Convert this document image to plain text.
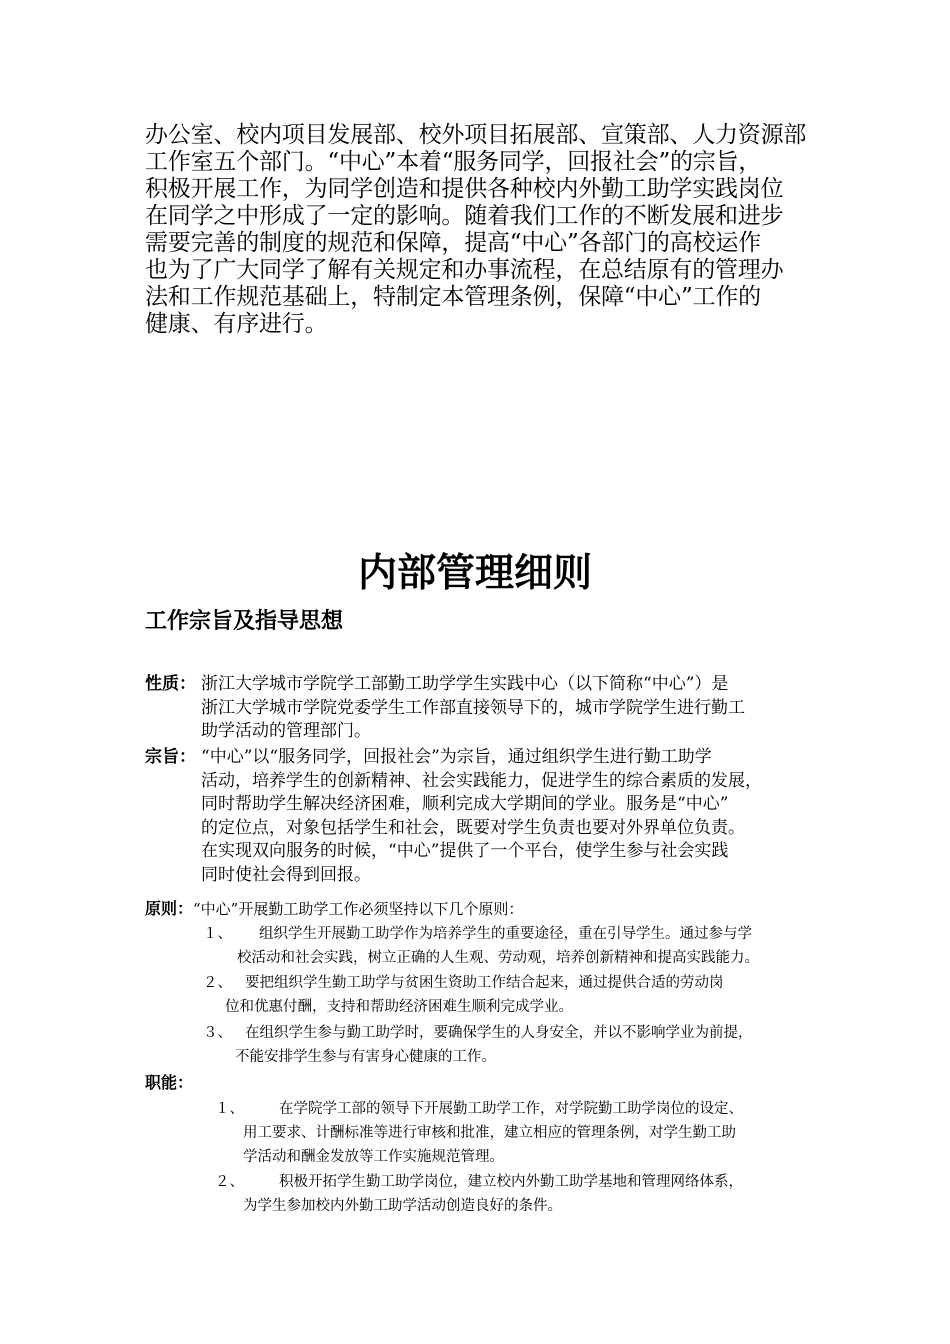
办公室、校内项目发展部、校外项目拓展部、宣策部、人力资源部
工作室五个部门。“中心”本着“服务同学，回报社会”的宗旨，
积极开展工作，为同学创造和提供各种校内外勤工助学实践岗位
在同学之中形成了一定的影响。随着我们工作的不断发展和进步
需要完善的制度的规范和保障，提高“中心”各部门的高校运作
也为了广大同学了解有关规定和办事流程，在总结原有的管理办
法和工作规范基础上，特制定本管理条例，保障“中心”工作的
健康、有序进行。
内部管理细则
工作宗旨及指导思想
性质： 浙江大学城市学院学工部勤工助学学生实践中心（以下简称“中心”）是
浙江大学城市学院党委学生工作部直接领导下的，城市学院学生进行勤工
助学活动的管理部门。
宗旨： “中心”以“服务同学，回报社会”为宗旨，通过组织学生进行勤工助学
活动，培养学生的创新精神、社会实践能力，促进学生的综合素质的发展，
同时帮助学生解决经济困难，顺利完成大学期间的学业。服务是“中心”
的定位点，对象包括学生和社会，既要对学生负责也要对外界单位负责。
在实现双向服务的时候，“中心”提供了一个平台，使学生参与社会实践
同时使社会得到回报。
原则：“中心”开展勤工助学工作必须坚持以下几个原则：
１、 组织学生开展勤工助学作为培养学生的重要途径，重在引导学生。通过参与学
校活动和社会实践，树立正确的人生观、劳动观，培养创新精神和提高实践能力。
２、 要把组织学生勤工助学与贫困生资助工作结合起来，通过提供合适的劳动岗
位和优惠付酬，支持和帮助经济困难生顺利完成学业。
３、 在组织学生参与勤工助学时，要确保学生的人身安全，并以不影响学业为前提，
不能安排学生参与有害身心健康的工作。
职能：
１、 在学院学工部的领导下开展勤工助学工作，对学院勤工助学岗位的设定、
用工要求、计酬标准等进行审核和批准，建立相应的管理条例，对学生勤工助
学活动和酬金发放等工作实施规范管理。
２、 积极开拓学生勤工助学岗位，建立校内外勤工助学基地和管理网络体系，
为学生参加校内外勤工助学活动创造良好的条件。
